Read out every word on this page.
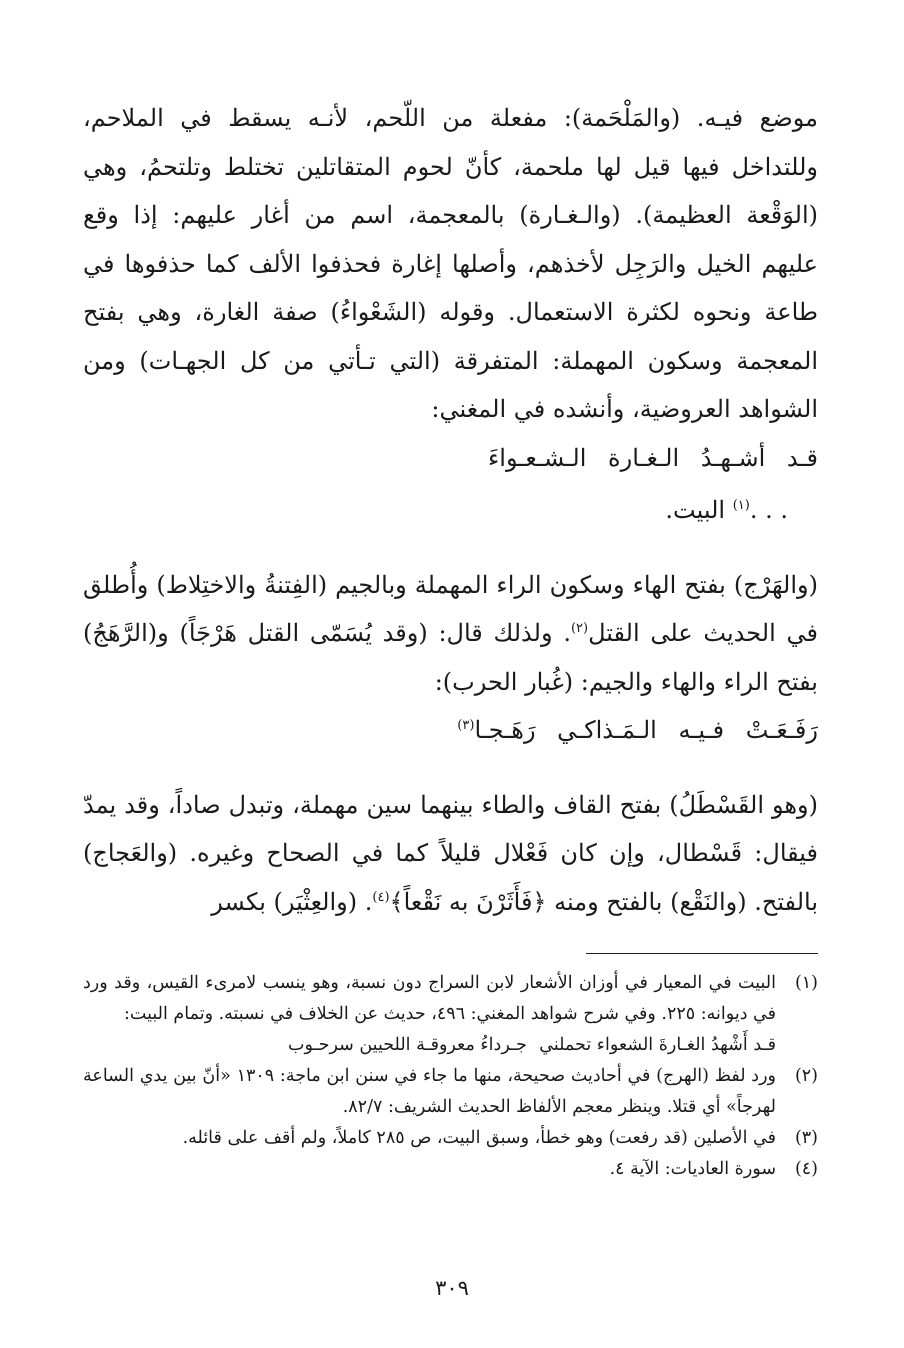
موضع فيـه. (والمَلْحَمة): مفعلة من اللّحم، لأنـه يسقط في الملاحم، وللتداخل فيها قيل لها ملحمة، كأنّ لحوم المتقاتلين تختلط وتلتحمُ، وهي (الوَقْعة العظيمة). (والـغـارة) بالمعجمة، اسم من أغار عليهم: إذا وقع عليهم الخيل والرَجِل لأخذهم، وأصلها إغارة فحذفوا الألف كما حذفوها في طاعة ونحوه لكثرة الاستعمال. وقوله (الشَعْواءُ) صفة الغارة، وهي بفتح المعجمة وسكون المهملة: المتفرقة (التي تـأتي من كل الجهـات) ومن الشواهد العروضية، وأنشده في المغني:

قـد أشـهـدُ الـغـارة الـشـعـواءَ

. . .$^{(١)}$ البيت.

(والهَرْج) بفتح الهاء وسكون الراء المهملة وبالجيم (الفِتنةُ والاختِلاط) وأُطلق في الحديث على القتل$^{(٢)}$. ولذلك قال: (وقد يُسَمّى القتل هَرْجَاً) و(الرَّهَجُ) بفتح الراء والهاء والجيم: (غُبار الحرب):

رَفَـعَـتْ فـيـه الـمَـذاكـي رَهَـجـا$^{(٣)}$

(وهو القَسْطَلُ) بفتح القاف والطاء بينهما سين مهملة، وتبدل صاداً، وقد يمدّ فيقال: قَسْطال، وإن كان فَعْلال قليلاً كما في الصحاح وغيره. (والعَجاج) بالفتح. (والنَقْع) بالفتح ومنه ﴿فَأَثَرْنَ به نَقْعاً﴾$^{(٤)}$. (والعِثْيَر) بكسر

(١)
البيت في المعيار في أوزان الأشعار لابن السراج دون نسبة، وهو ينسب لامرىء القيس، وقد ورد في ديوانه: ٢٢٥. وفي شرح شواهد المغني: ٤٩٦، حديث عن الخلاف في نسبته. وتمام البيت:
قـد أَشْهدُ الغـارةَ الشعواء تحملني
جـرداءُ معروقـة اللحيين سرحـوب
(٢)
ورد لفظ (الهرج) في أحاديث صحيحة، منها ما جاء في سنن ابن ماجة: ١٣٠٩ «أنّ بين يدي الساعة لهرجاً» أي قتلا. وينظر معجم الألفاظ الحديث الشريف: ٨٢/٧.
(٣)
في الأصلين (قد رفعت) وهو خطأ، وسبق البيت، ص ٢٨٥ كاملاً، ولم أقف على قائله.
(٤)
سورة العاديات: الآية ٤.
٣٠٩
